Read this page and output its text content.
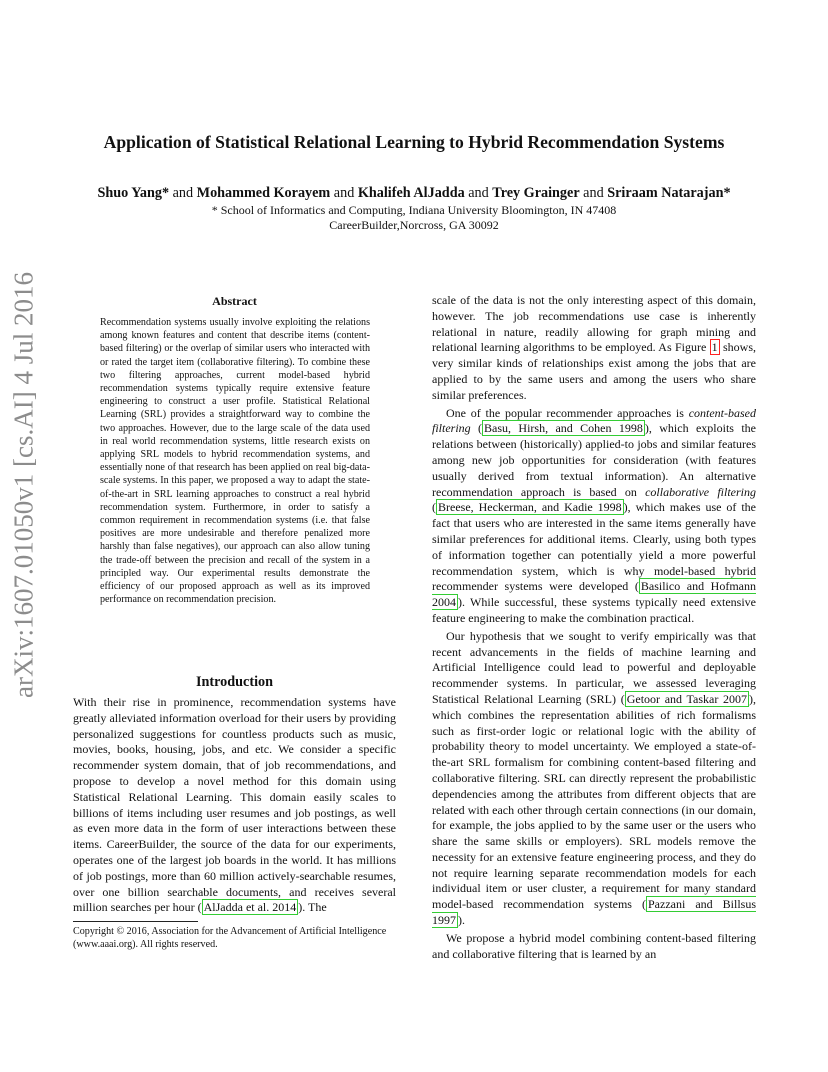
Application of Statistical Relational Learning to Hybrid Recommendation Systems
Shuo Yang* and Mohammed Korayem and Khalifeh AlJadda and Trey Grainger and Sriraam Natarajan*
* School of Informatics and Computing, Indiana University Bloomington, IN 47408
CareerBuilder,Norcross, GA 30092
arXiv:1607.01050v1 [cs.AI] 4 Jul 2016	Abstract
Recommendation systems usually involve exploiting the relations among known features and content that describe items (content-based filtering) or the overlap of similar users who interacted with or rated the target item (collaborative filtering). To combine these two filtering approaches, current model-based hybrid recommendation systems typically require extensive feature engineering to construct a user profile. Statistical Relational Learning (SRL) provides a straightforward way to combine the two approaches. However, due to the large scale of the data used in real world recommendation systems, little research exists on applying SRL models to hybrid recommendation systems, and essentially none of that research has been applied on real big-data-scale systems. In this paper, we proposed a way to adapt the state-of-the-art in SRL learning approaches to construct a real hybrid recommendation system. Furthermore, in order to satisfy a common requirement in recommendation systems (i.e. that false positives are more undesirable and therefore penalized more harshly than false negatives), our approach can also allow tuning the trade-off between the precision and recall of the system in a principled way. Our experimental results demonstrate the efficiency of our proposed approach as well as its improved performance on recommendation precision.
Introduction

With their rise in prominence, recommendation systems have greatly alleviated information overload for their users by providing personalized suggestions for countless products such as music, movies, books, housing, jobs, and etc. We consider a specific recommender system domain, that of job recommendations, and propose to develop a novel method for this domain using Statistical Relational Learning. This domain easily scales to billions of items including user resumes and job postings, as well as even more data in the form of user interactions between these items. CareerBuilder, the source of the data for our experiments, operates one of the largest job boards in the world. It has millions of job postings, more than 60 million actively-searchable resumes, over one billion searchable documents, and receives several million searches per hour ( AlJadda et al. 2014 ). The

Copyright © 2016, Association for the Advancement of Artificial Intelligence (www.aaai.org). All rights reserved.

scale of the data is not the only interesting aspect of this domain, however. The job recommendations use case is inherently relational in nature, readily allowing for graph mining and relational learning algorithms to be employed. As Figure 1 shows, very similar kinds of relationships exist among the jobs that are applied to by the same users and among the users who share similar preferences.

One of the popular recommender approaches is content-based filtering ( Basu, Hirsh, and Cohen 1998 ), which exploits the relations between (historically) applied-to jobs and similar features among new job opportunities for consideration (with features usually derived from textual information). An alternative recommendation approach is based on collaborative filtering ( Breese, Heckerman, and Kadie 1998 ), which makes use of the fact that users who are interested in the same items generally have similar preferences for additional items. Clearly, using both types of information together can potentially yield a more powerful recommendation system, which is why model-based hybrid recommender systems were developed ( Basilico and Hofmann 2004 ). While successful, these systems typically need extensive feature engineering to make the combination practical.

Our hypothesis that we sought to verify empirically was that recent advancements in the fields of machine learning and Artificial Intelligence could lead to powerful and deployable recommender systems. In particular, we assessed leveraging Statistical Relational Learning (SRL) ( Getoor and Taskar 2007 ), which combines the representation abilities of rich formalisms such as first-order logic or relational logic with the ability of probability theory to model uncertainty. We employed a state-of-the-art SRL formalism for combining content-based filtering and collaborative filtering. SRL can directly represent the probabilistic dependencies among the attributes from different objects that are related with each other through certain connections (in our domain, for example, the jobs applied to by the same user or the users who share the same skills or employers). SRL models remove the necessity for an extensive feature engineering process, and they do not require learning separate recommendation models for each individual item or user cluster, a requirement for many standard model-based recommendation systems ( Pazzani and Billsus 1997 ).

We propose a hybrid model combining content-based filtering and collaborative filtering that is learned by an
